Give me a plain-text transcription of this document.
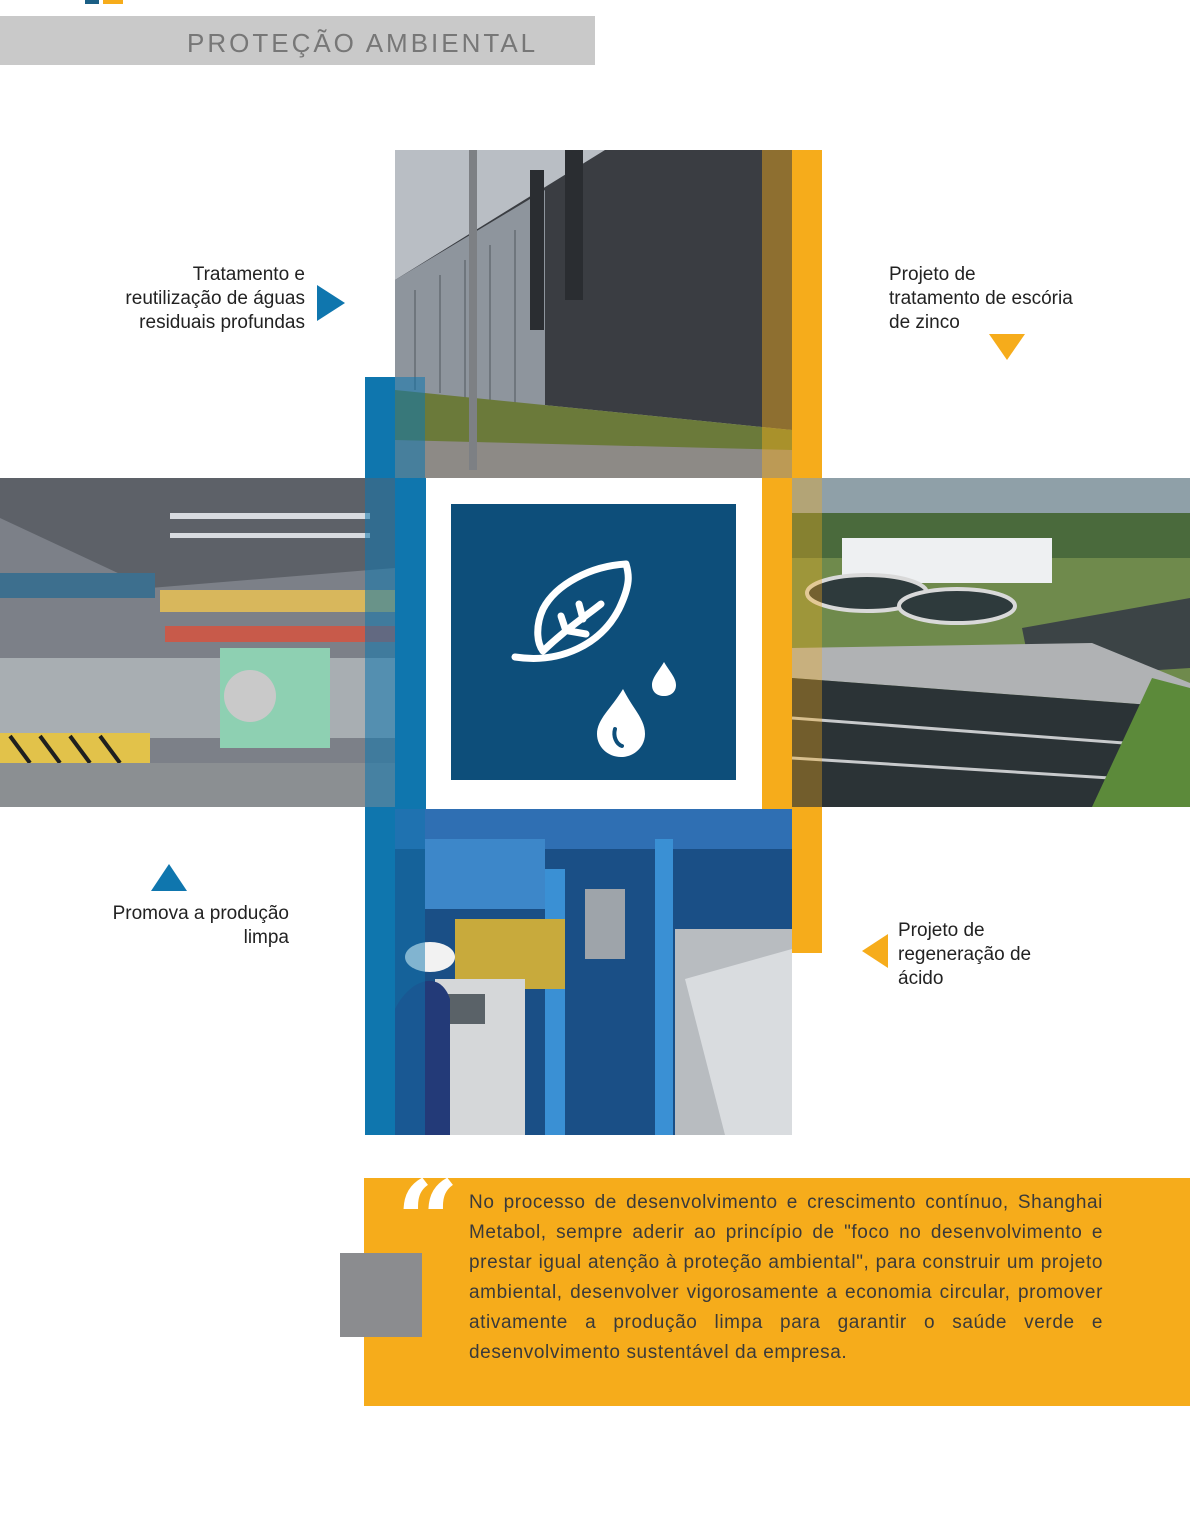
PROTEÇÃO AMBIENTAL
Tratamento e
reutilização de águas
residuais profundas
Projeto de
tratamento de escória
de zinco
Promova a produção
limpa	Projeto de
regeneração de
ácido
“ No processo de desenvolvimento e crescimento contínuo, Shanghai Metabol, sempre aderir ao princípio de "foco no desenvolvimento e prestar igual atenção à proteção ambiental", para construir um projeto ambiental, desenvolver vigorosamente a economia circular, promover ativamente a produção limpa para garantir o saúde verde e desenvolvimento sustentável da empresa.
